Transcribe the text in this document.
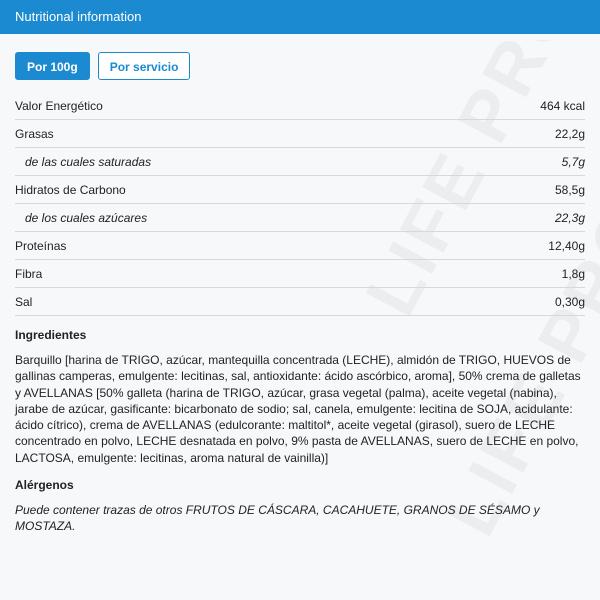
Nutritional information
Por 100g	Por servicio
Valor Energético	464 kcal
Grasas	22,2g
de las cuales saturadas	5,7g
Hidratos de Carbono	58,5g
de los cuales azúcares	22,3g
Proteínas	12,40g
Fibra	1,8g
Sal	0,30g
Ingredientes

Barquillo [harina de TRIGO, azúcar, mantequilla concentrada (LECHE), almidón de TRIGO, HUEVOS de gallinas camperas, emulgente: lecitinas, sal, antioxidante: ácido ascórbico, aroma], 50% crema de galletas y AVELLANAS [50% galleta (harina de TRIGO, azúcar, grasa vegetal (palma), aceite vegetal (nabina), jarabe de azúcar, gasificante: bicarbonato de sodio; sal, canela, emulgente: lecitina de SOJA, acidulante: ácido cítrico), crema de AVELLANAS (edulcorante: maltitol*, aceite vegetal (girasol), suero de LECHE concentrado en polvo, LECHE desnatada en polvo, 9% pasta de AVELLANAS, suero de LECHE en polvo, LACTOSA, emulgente: lecitinas, aroma natural de vainilla)]

Alérgenos

Puede contener trazas de otros FRUTOS DE CÁSCARA, CACAHUETE, GRANOS DE SÉSAMO y MOSTAZA.
